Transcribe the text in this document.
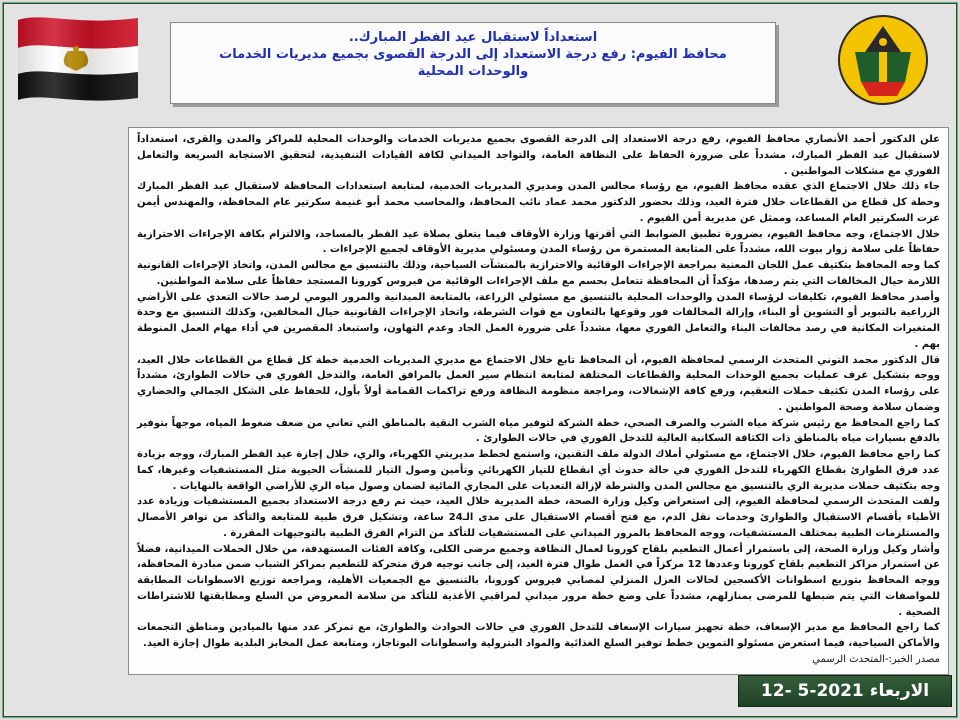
استعداداً لاستقبال عيد الفطر المبارك..
محافظ الفيوم: رفع درجة الاستعداد إلى الدرجة القصوى بجميع مديريات الخدمات والوحدات المحلية

علن الدكتور أحمد الأنصاري محافظ الفيوم، رفع درجة الاستعداد إلى الدرجة القصوى بجميع مديريات الخدمات والوحدات المحلية للمراكز والمدن والقرى، استعداداً لاستقبال عيد الفطر المبارك، مشدداً على ضرورة الحفاظ على النظافة العامة، والتواجد الميداني لكافة القيادات التنفيذية، لتحقيق الاستجابة السريعة والتعامل الفوري مع مشكلات المواطنين .

جاء ذلك خلال الاجتماع الذي عقده محافظ الفيوم، مع رؤساء مجالس المدن ومديري المديريات الخدمية، لمتابعة استعدادات المحافظة لاستقبال عيد الفطر المبارك وخطة كل قطاع من القطاعات خلال فترة العيد، وذلك بحضور الدكتور محمد عماد نائب المحافظ، والمحاسب محمد أبو غنيمة سكرتير عام المحافظة، والمهندس أيمن عزت السكرتير العام المساعد، وممثل عن مديرية أمن الفيوم .

خلال الاجتماع، وجه محافظ الفيوم، بضرورة تطبيق الضوابط التي أقرتها وزارة الأوقاف فيما يتعلق بصلاة عيد الفطر بالمساجد، والالتزام بكافة الإجراءات الاحترازية حفاظاً على سلامة زوار بيوت الله، مشدداً على المتابعة المستمرة من رؤساء المدن ومسئولي مديرية الأوقاف لجميع الإجراءات .

كما وجه المحافظ بتكثيف عمل اللجان المعنية بمراجعة الإجراءات الوقائية والاحترازية بالمنشآت السياحية، وذلك بالتنسيق مع مجالس المدن، واتخاذ الإجراءات القانونية اللازمة حيال المخالفات التي يتم رصدها، مؤكداً أن المحافظة تتعامل بحسم مع ملف الإجراءات الوقائية من فيروس كورونا المستجد حفاظاً على سلامة المواطنين.

وأصدر محافظ الفيوم، تكليفات لرؤساء المدن والوحدات المحلية بالتنسيق مع مسئولي الزراعة، بالمتابعة الميدانية والمرور اليومي لرصد حالات التعدي على الأراضي الزراعية بالتبوير أو التشوين أو البناء، وإزالة المخالفات فور وقوعها بالتعاون مع قوات الشرطة، واتخاذ الإجراءات القانونية حيال المخالفين، وكذلك التنسيق مع وحدة المتغيرات المكانية في رصد مخالفات البناء والتعامل الفوري معها، مشدداً على ضرورة العمل الجاد وعدم التهاون، واستبعاد المقصرين في أداء مهام العمل المنوطة بهم .

قال الدكتور محمد التوني المتحدث الرسمي لمحافظة الفيوم، أن المحافظ تابع خلال الاجتماع مع مديري المديريات الخدمية خطة كل قطاع من القطاعات خلال العيد، ووجه بتشكيل غرف عمليات بجميع الوحدات المحلية والقطاعات المختلفة لمتابعة انتظام سير العمل بالمرافق العامة، والتدخل الفوري في حالات الطوارئ، مشدداً على رؤساء المدن تكثيف حملات التعقيم، ورفع كافة الإشغالات، ومراجعة منظومة النظافة ورفع تراكمات القمامة أولاً بأول، للحفاظ على الشكل الجمالي والحضاري وضمان سلامة وصحة المواطنين .

كما راجع المحافظ مع رئيس شركة مياه الشرب والصرف الصحي، خطة الشركة لتوفير مياه الشرب النقية بالمناطق التي تعاني من ضعف ضغوط المياه، موجهاً بتوفير بالدفع بسيارات مياه بالمناطق ذات الكثافة السكانية العالية للتدخل الفوري في حالات الطوارئ .

كما راجع محافظ الفيوم، خلال الاجتماع، مع مسئولي أملاك الدولة ملف التقنين، واستمع لخطط مديريتي الكهرباء، والري، خلال إجازة عيد الفطر المبارك، ووجه بزيادة عدد فرق الطوارئ بقطاع الكهرباء للتدخل الفوري في حالة حدوث أي انقطاع للتيار الكهربائي وتأمين وصول التيار للمنشآت الحيوية مثل المستشفيات وغيرها، كما وجه بتكثيف حملات مديرية الري بالتنسيق مع مجالس المدن والشرطة لإزالة التعديات على المجاري المائية لضمان وصول مياه الري للأراضي الواقعة بالنهايات .

ولفت المتحدث الرسمي لمحافظة الفيوم، إلى استعراض وكيل وزارة الصحة، خطة المديرية خلال العيد، حيث تم رفع درجة الاستعداد بجميع المستشفيات وزيادة عدد الأطباء بأقسام الاستقبال والطوارئ وخدمات نقل الدم، مع فتح أقسام الاستقبال على مدى الـ24 ساعة، وتشكيل فرق طبية للمتابعة والتأكد من توافر الأمصال والمستلزمات الطبية بمختلف المستشفيات، ووجه المحافظ بالمرور الميداني على المستشفيات للتأكد من التزام الفرق الطبية بالتوجيهات المقررة .

وأشار وكيل وزارة الصحة، إلى باستمرار أعمال التطعيم بلقاح كورونا لعمال النظافة وجميع مرضى الكلى، وكافة الفئات المستهدفة، من خلال الحملات الميدانية، فضلاً عن استمرار مراكز التطعيم بلقاح كورونا وعددها 12 مركزاً في العمل طوال فترة العيد، إلى جانب توجيه فرق متحركة للتطعيم بمراكز الشباب ضمن مبادرة المحافظة، ووجه المحافظ بتوزيع اسطوانات الأكسجين لحالات العزل المنزلي لمصابي فيروس كورونا، بالتنسيق مع الجمعيات الأهلية، ومراجعة توزيع الاسطوانات المطابقة للمواصفات التي يتم ضبطها للمرضى بمنازلهم، مشدداً على وضع خطة مرور ميداني لمراقبي الأغذية للتأكد من سلامة المعروض من السلع ومطابقتها للاشتراطات الصحية .

كما راجع المحافظ مع مدير الإسعاف، خطة تجهيز سيارات الإسعاف للتدخل الفوري في حالات الحوادث والطوارئ، مع تمركز عدد منها بالميادين ومناطق التجمعات والأماكن السياحية، فيما استعرض مسئولو التموين خطط توفير السلع الغذائية والمواد البترولية واسطوانات البوتاجاز، ومتابعة عمل المخابز البلدية طوال إجازة العيد.

مصدر الخبر:-المتحدث الرسمي

الاربعاء
12- 5-2021
